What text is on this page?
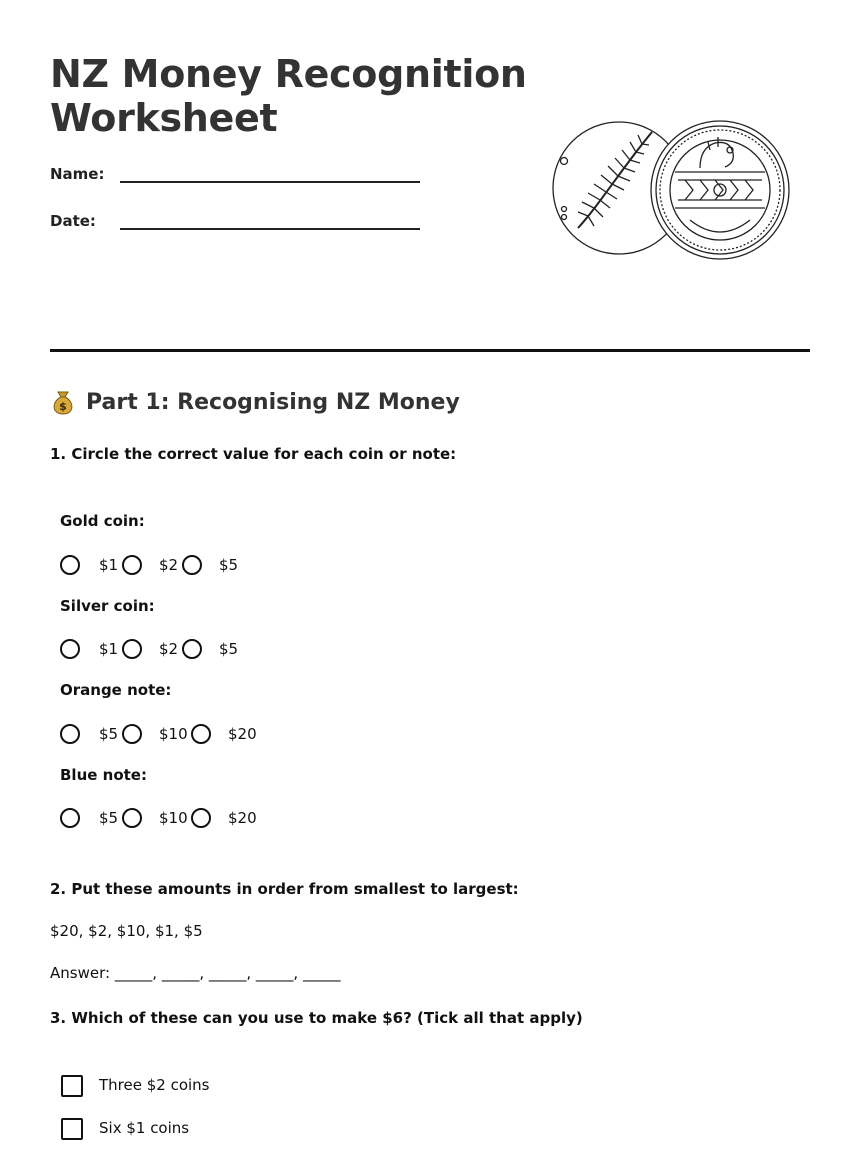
NZ Money Recognition
Worksheet
Name:
Date:
$ Part 1: Recognising NZ Money

1. Circle the correct value for each coin or note:

Gold coin:
$1	$2	$5
Silver coin:
$1	$2	$5
Orange note:
$5	$10	$20
Blue note:
$5	$10	$20

2. Put these amounts in order from smallest to largest:

$20, $2, $10, $1, $5
Answer: _____, _____, _____, _____, _____

3. Which of these can you use to make $6? (Tick all that apply)

Three $2 coins
Six $1 coins
